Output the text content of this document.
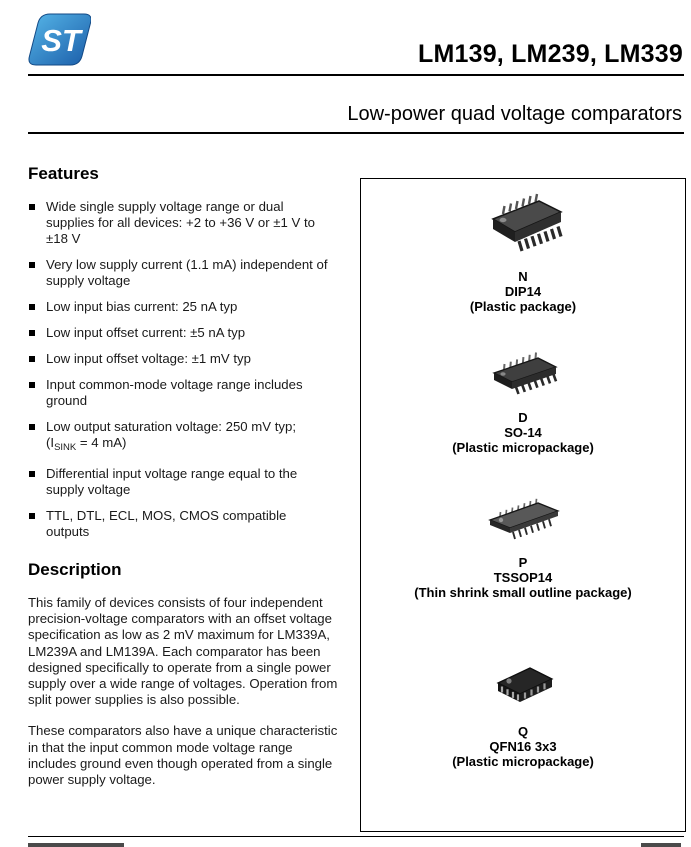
ST	LM139, LM239, LM339
Low-power quad voltage comparators
Features
Wide single supply voltage range or dual supplies for all devices: +2 to +36 V or ±1 V to ±18 V
Very low supply current (1.1 mA) independent of supply voltage
Low input bias current: 25 nA typ
Low input offset current: ±5 nA typ
Low input offset voltage: ±1 mV typ
Input common-mode voltage range includes ground
Low output saturation voltage: 250 mV typ;
($I_{SINK} = 4$ mA)
Differential input voltage range equal to the supply voltage
TTL, DTL, ECL, MOS, CMOS compatible outputs
Description

This family of devices consists of four independent precision-voltage comparators with an offset voltage specification as low as 2 mV maximum for LM339A, LM239A and LM139A. Each comparator has been designed specifically to operate from a single power supply over a wide range of voltages. Operation from split power supplies is also possible.

These comparators also have a unique characteristic in that the input common mode voltage range includes ground even though operated from a single power supply voltage.

N
DIP14
(Plastic package)
D
SO-14
(Plastic micropackage)
P
TSSOP14
(Thin shrink small outline package)
Q
QFN16 3x3
(Plastic micropackage)
